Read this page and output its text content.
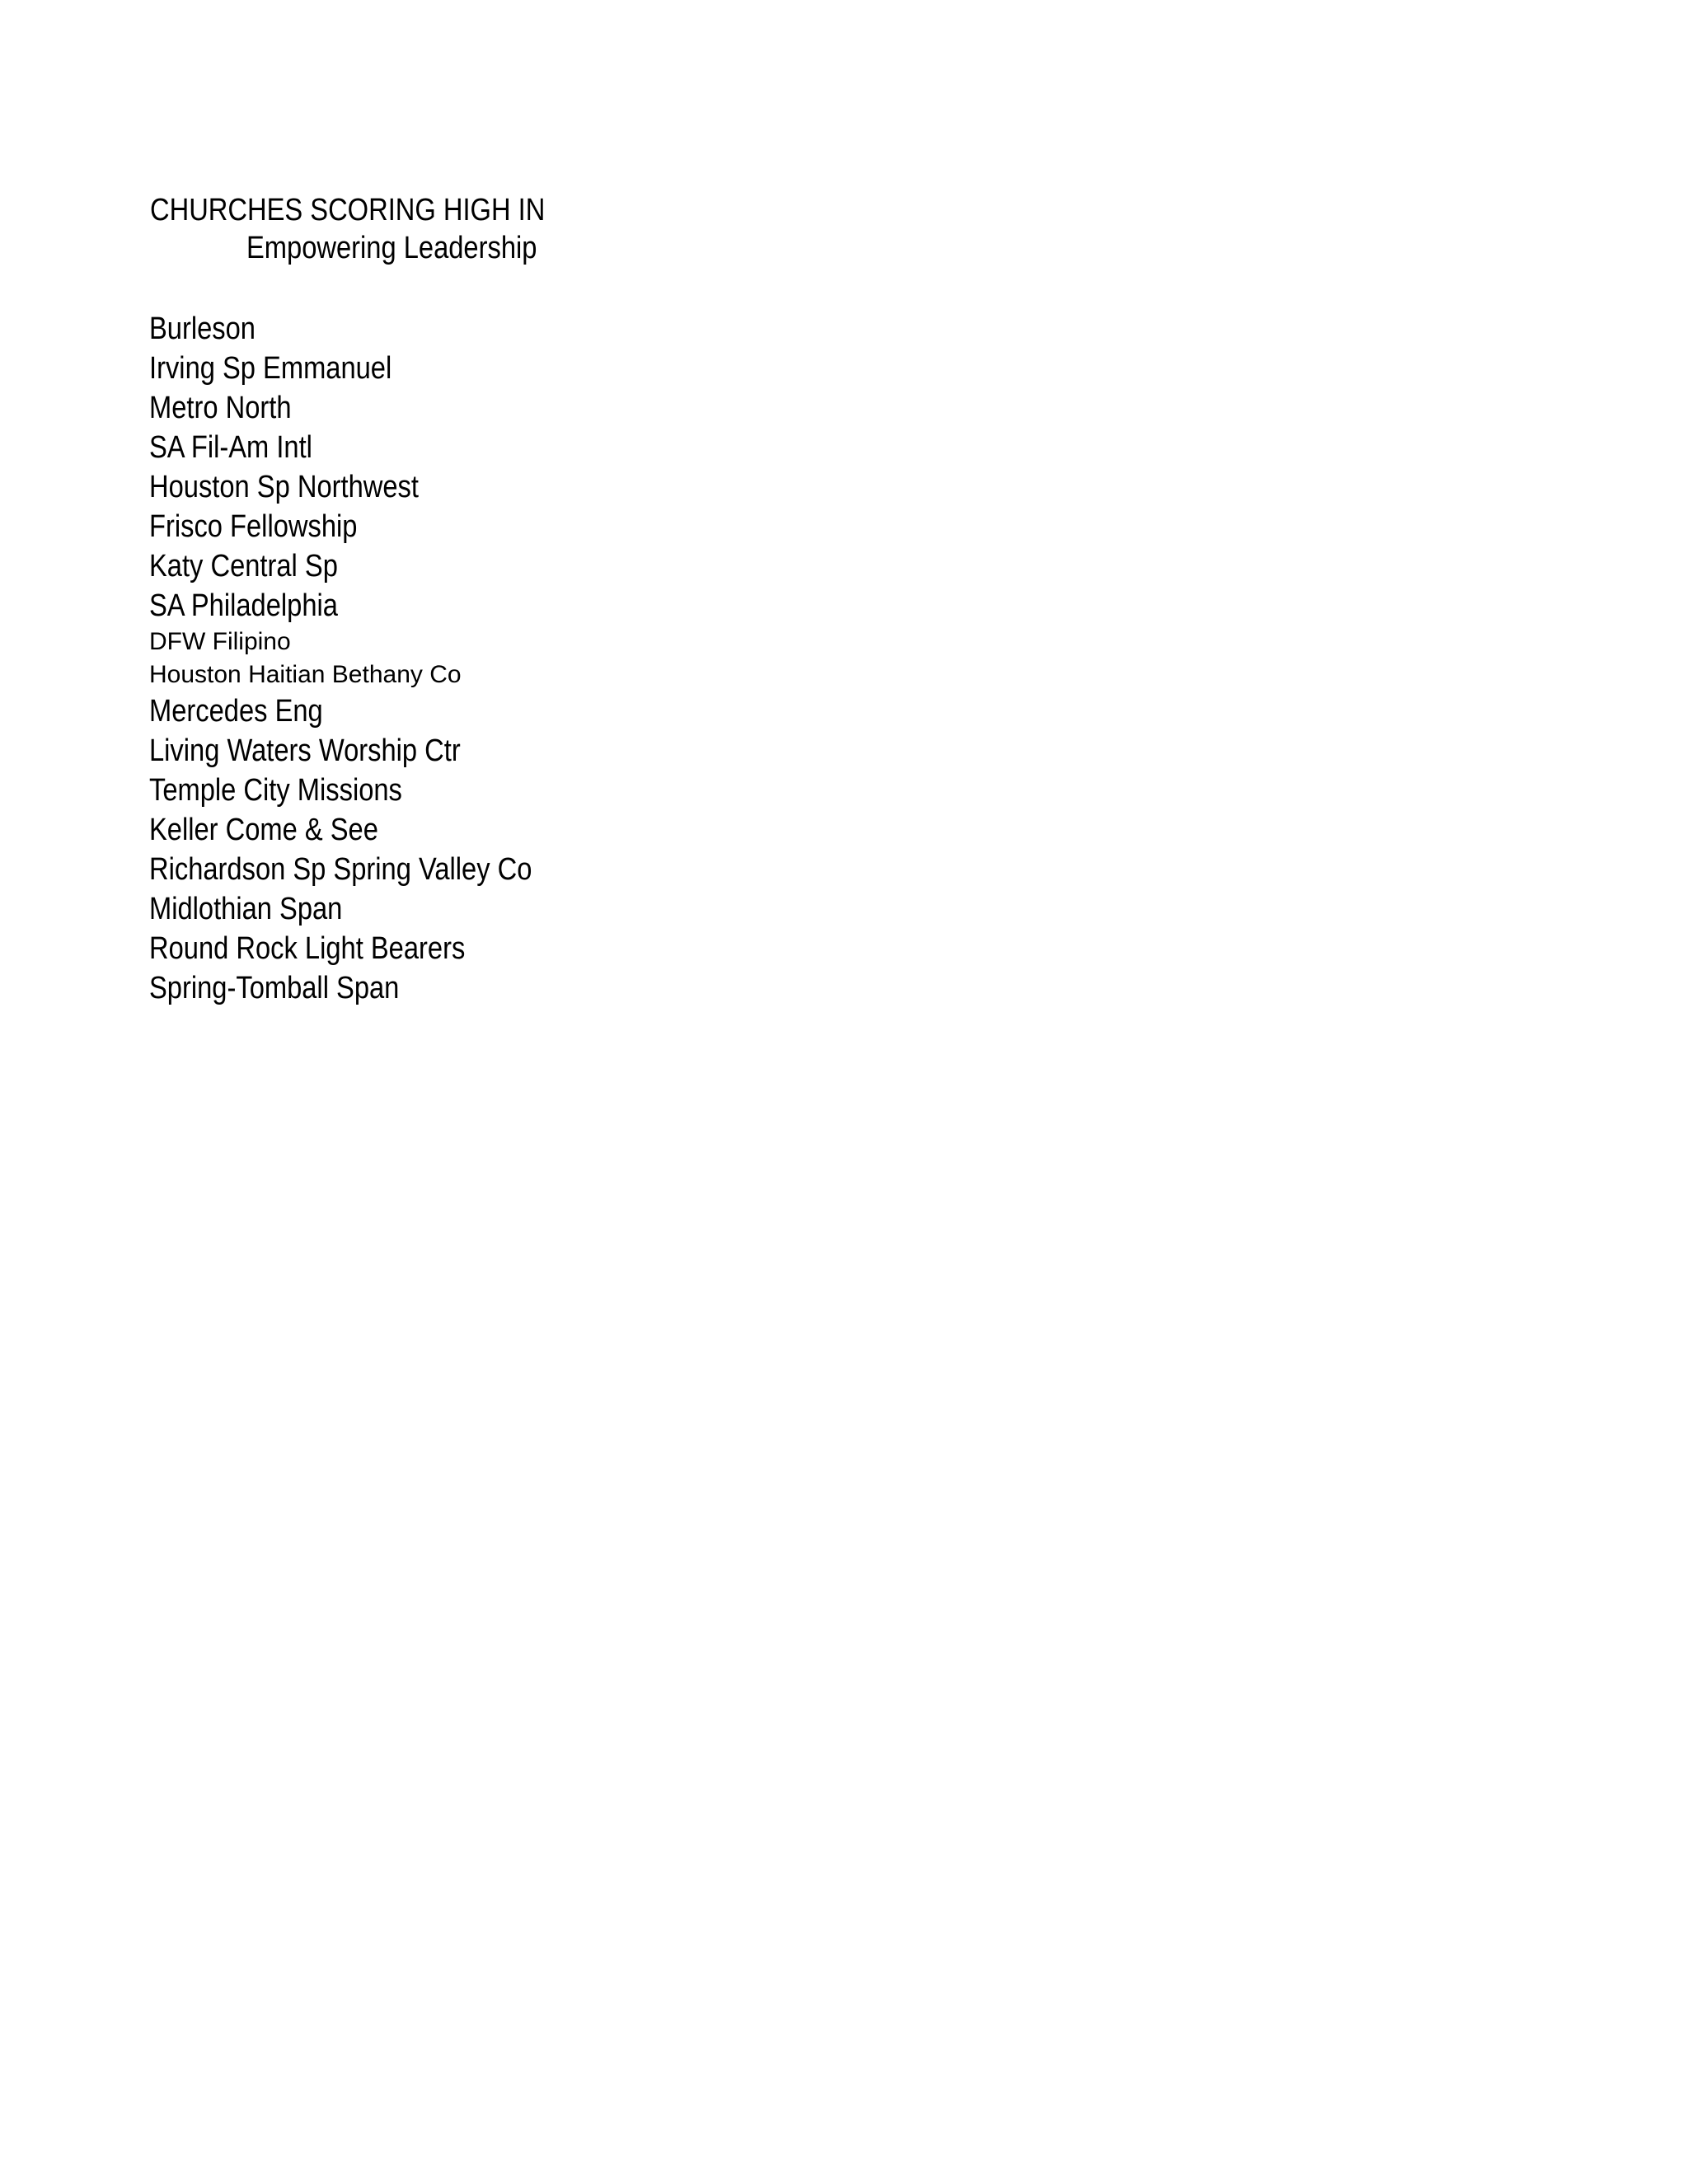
CHURCHES SCORING HIGH IN
Empowering Leadership
Burleson
Irving Sp Emmanuel
Metro North
SA Fil-Am Intl
Houston Sp Northwest
Frisco Fellowship
Katy Central Sp
SA Philadelphia
DFW Filipino
Houston Haitian Bethany Co
Mercedes Eng
Living Waters Worship Ctr
Temple City Missions
Keller Come & See
Richardson Sp Spring Valley Co
Midlothian Span
Round Rock Light Bearers
Spring-Tomball Span
